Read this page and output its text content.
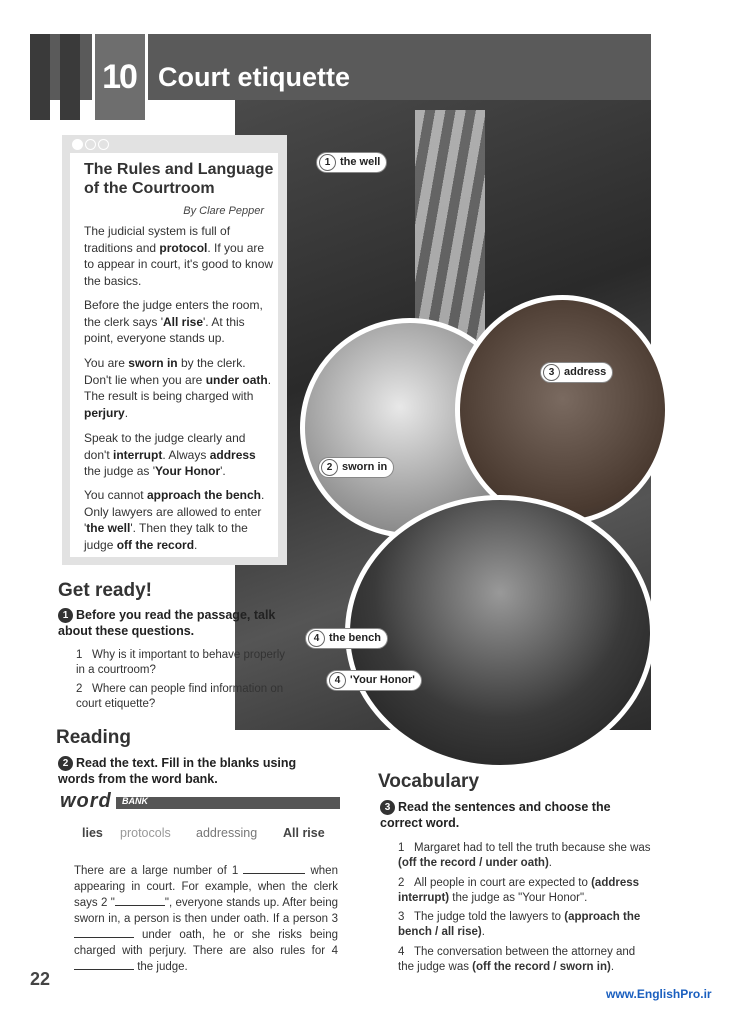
10 Court etiquette
1 the well
2 sworn in
3 address
4 the bench
4 'Your Honor'
The Rules and Language of the Courtroom
By Clare Pepper
The judicial system is full of traditions and protocol. If you are to appear in court, it's good to know the basics.
Before the judge enters the room, the clerk says 'All rise'. At this point, everyone stands up.
You are sworn in by the clerk. Don't lie when you are under oath. The result is being charged with perjury.
Speak to the judge clearly and don't interrupt. Always address the judge as 'Your Honor'.
You cannot approach the bench. Only lawyers are allowed to enter 'the well'. Then they talk to the judge off the record.
Get ready!
1 Before you read the passage, talk about these questions.
1 Why is it important to behave properly in a courtroom?
2 Where can people find information on court etiquette?
Reading
2 Read the text. Fill in the blanks using words from the word bank.
word BANK
lies protocols addressing All rise
There are a large number of 1	when appearing in court. For example, when the clerk says 2 "	", everyone stands up. After being sworn in, a person is then under oath. If a person 3  under oath, he or she risks being charged with perjury. There are also rules for 4  the judge.
Vocabulary
3 Read the sentences and choose the correct word.
1 Margaret had to tell the truth because she was (off the record / under oath).
2 All people in court are expected to (address interrupt) the judge as "Your Honor".
3 The judge told the lawyers to (approach the bench / all rise).
4 The conversation between the attorney and the judge was (off the record / sworn in).
22
www.EnglishPro.ir
